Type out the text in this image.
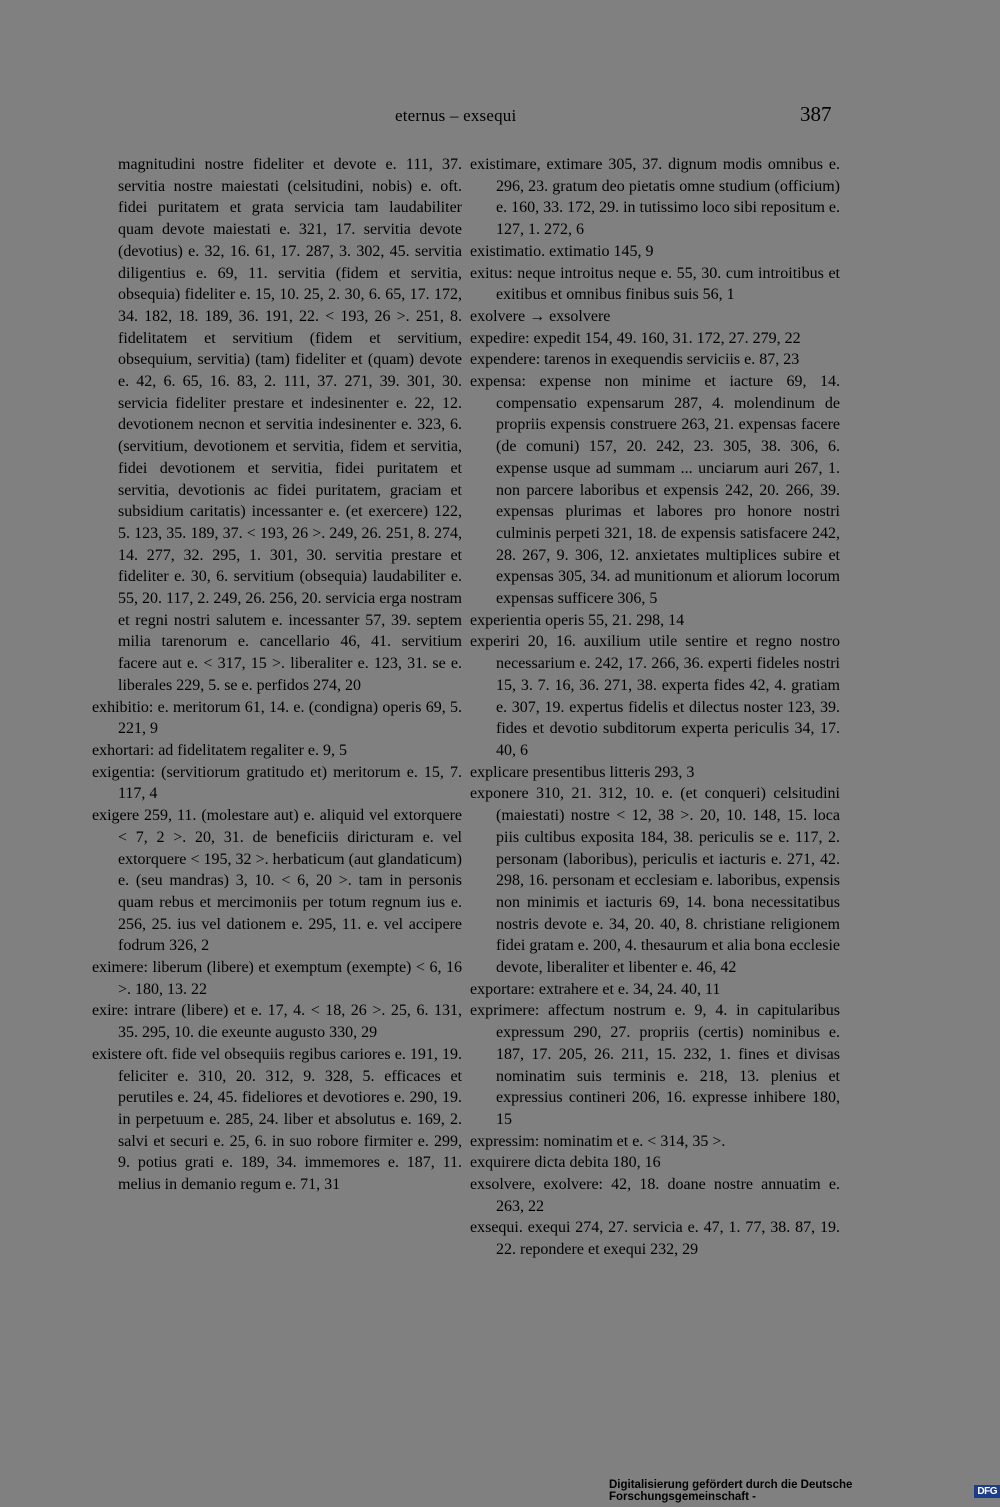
eternus – exsequi	387

magnitudini nostre fideliter et devote e. 111, 37. servitia nostre maiestati (celsitudini, nobis) e. oft. fidei puritatem et grata servicia tam laudabiliter quam devote maiestati e. 321, 17. servitia devote (devotius) e. 32, 16. 61, 17. 287, 3. 302, 45. servitia diligentius e. 69, 11. servitia (fidem et servitia, obsequia) fideliter e. 15, 10. 25, 2. 30, 6. 65, 17. 172, 34. 182, 18. 189, 36. 191, 22. < 193, 26 >. 251, 8. fidelitatem et servitium (fidem et servitium, obsequium, servitia) (tam) fideliter et (quam) devote e. 42, 6. 65, 16. 83, 2. 111, 37. 271, 39. 301, 30. servicia fideliter prestare et indesinenter e. 22, 12. devotionem necnon et servitia indesinenter e. 323, 6. (servitium, devotionem et servitia, fidem et servitia, fidei devotionem et servitia, fidei puritatem et servitia, devotionis ac fidei puritatem, graciam et subsidium caritatis) incessanter e. (et exercere) 122, 5. 123, 35. 189, 37. < 193, 26 >. 249, 26. 251, 8. 274, 14. 277, 32. 295, 1. 301, 30. servitia prestare et fideliter e. 30, 6. servitium (obsequia) laudabiliter e. 55, 20. 117, 2. 249, 26. 256, 20. servicia erga nostram et regni nostri salutem e. incessanter 57, 39. septem milia tarenorum e. cancellario 46, 41. servitium facere aut e. < 317, 15 >. liberaliter e. 123, 31. se e. liberales 229, 5. se e. perfidos 274, 20

exhibitio: e. meritorum 61, 14. e. (condigna) operis 69, 5. 221, 9

exhortari: ad fidelitatem regaliter e. 9, 5

exigentia: (servitiorum gratitudo et) meritorum e. 15, 7. 117, 4

exigere 259, 11. (molestare aut) e. aliquid vel extorquere < 7, 2 >. 20, 31. de beneficiis diricturam e. vel extorquere < 195, 32 >. herbaticum (aut glandaticum) e. (seu mandras) 3, 10. < 6, 20 >. tam in personis quam rebus et mercimoniis per totum regnum ius e. 256, 25. ius vel dationem e. 295, 11. e. vel accipere fodrum 326, 2

eximere: liberum (libere) et exemptum (exempte) < 6, 16 >. 180, 13. 22

exire: intrare (libere) et e. 17, 4. < 18, 26 >. 25, 6. 131, 35. 295, 10. die exeunte augusto 330, 29

existere oft. fide vel obsequiis regibus cariores e. 191, 19. feliciter e. 310, 20. 312, 9. 328, 5. efficaces et perutiles e. 24, 45. fideliores et devotiores e. 290, 19. in perpetuum e. 285, 24. liber et absolutus e. 169, 2. salvi et securi e. 25, 6. in suo robore firmiter e. 299, 9. potius grati e. 189, 34. immemores e. 187, 11. melius in demanio regum e. 71, 31

existimare, extimare 305, 37. dignum modis omnibus e. 296, 23. gratum deo pietatis omne studium (officium) e. 160, 33. 172, 29. in tutissimo loco sibi repositum e. 127, 1. 272, 6

existimatio. extimatio 145, 9

exitus: neque introitus neque e. 55, 30. cum introitibus et exitibus et omnibus finibus suis 56, 1

exolvere → exsolvere

expedire: expedit 154, 49. 160, 31. 172, 27. 279, 22

expendere: tarenos in exequendis serviciis e. 87, 23

expensa: expense non minime et iacture 69, 14. compensatio expensarum 287, 4. molendinum de propriis expensis construere 263, 21. expensas facere (de comuni) 157, 20. 242, 23. 305, 38. 306, 6. expense usque ad summam ... unciarum auri 267, 1. non parcere laboribus et expensis 242, 20. 266, 39. expensas plurimas et labores pro honore nostri culminis perpeti 321, 18. de expensis satisfacere 242, 28. 267, 9. 306, 12. anxietates multiplices subire et expensas 305, 34. ad munitionum et aliorum locorum expensas sufficere 306, 5

experientia operis 55, 21. 298, 14

experiri 20, 16. auxilium utile sentire et regno nostro necessarium e. 242, 17. 266, 36. experti fideles nostri 15, 3. 7. 16, 36. 271, 38. experta fides 42, 4. gratiam e. 307, 19. expertus fidelis et dilectus noster 123, 39. fides et devotio subditorum experta periculis 34, 17. 40, 6

explicare presentibus litteris 293, 3

exponere 310, 21. 312, 10. e. (et conqueri) celsitudini (maiestati) nostre < 12, 38 >. 20, 10. 148, 15. loca piis cultibus exposita 184, 38. periculis se e. 117, 2. personam (laboribus), periculis et iacturis e. 271, 42. 298, 16. personam et ecclesiam e. laboribus, expensis non minimis et iacturis 69, 14. bona necessitatibus nostris devote e. 34, 20. 40, 8. christiane religionem fidei gratam e. 200, 4. thesaurum et alia bona ecclesie devote, liberaliter et libenter e. 46, 42

exportare: extrahere et e. 34, 24. 40, 11

exprimere: affectum nostrum e. 9, 4. in capitularibus expressum 290, 27. propriis (certis) nominibus e. 187, 17. 205, 26. 211, 15. 232, 1. fines et divisas nominatim suis terminis e. 218, 13. plenius et expressius contineri 206, 16. expresse inhibere 180, 15

expressim: nominatim et e. < 314, 35 >.

exquirere dicta debita 180, 16

exsolvere, exolvere: 42, 18. doane nostre annuatim e. 263, 22

exsequi. exequi 274, 27. servicia e. 47, 1. 77, 38. 87, 19. 22. repondere et exequi 232, 29

Digitalisierung gefördert durch die Deutsche Forschungsgemeinschaft -	DFG
